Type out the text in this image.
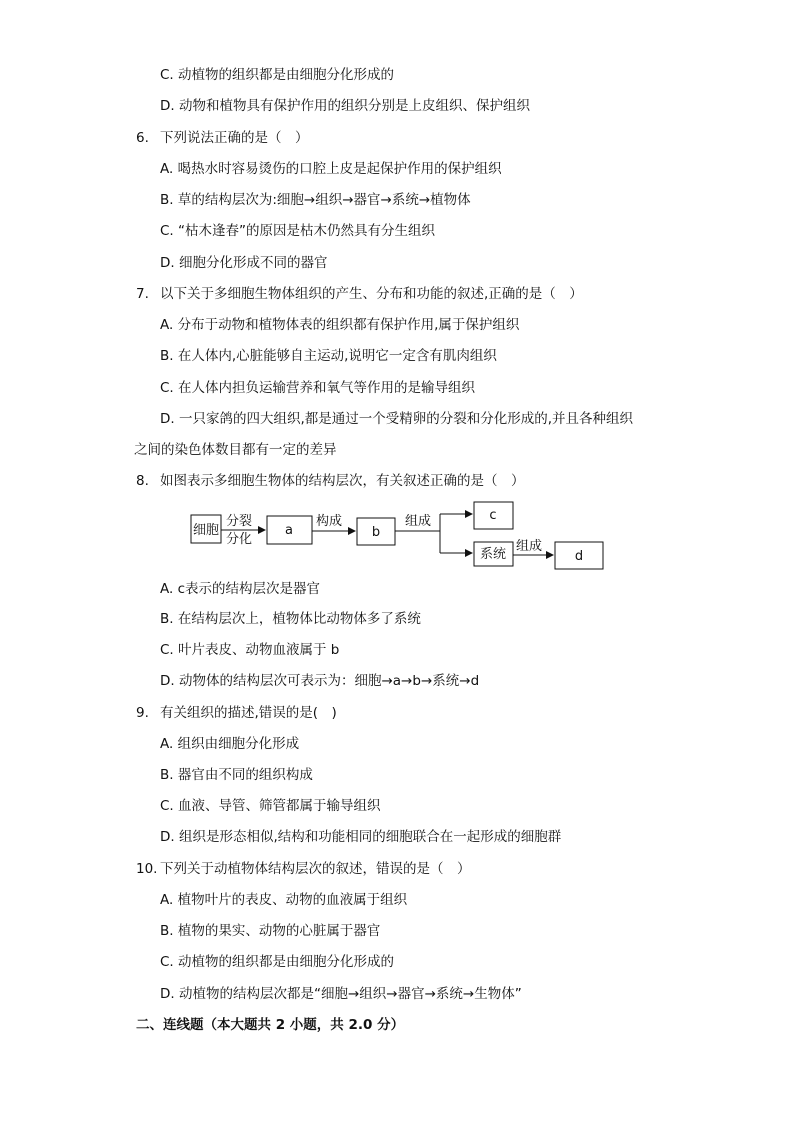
C. 动植物的组织都是由细胞分化形成的
D. 动物和植物具有保护作用的组织分别是上皮组织、保护组织
6. 下列说法正确的是（　）
A. 喝热水时容易烫伤的口腔上皮是起保护作用的保护组织
B. 草的结构层次为:细胞→组织→器官→系统→植物体
C. “枯木逢春”的原因是枯木仍然具有分生组织
D. 细胞分化形成不同的器官
7. 以下关于多细胞生物体组织的产生、分布和功能的叙述,正确的是（　）
A. 分布于动物和植物体表的组织都有保护作用,属于保护组织
B. 在人体内,心脏能够自主运动,说明它一定含有肌肉组织
C. 在人体内担负运输营养和氧气等作用的是输导组织
D. 一只家鸽的四大组织,都是通过一个受精卵的分裂和分化形成的,并且各种组织
之间的染色体数目都有一定的差异
8. 如图表示多细胞生物体的结构层次，有关叙述正确的是（　）
细胞
分裂
分化
a
构成
b
组成	c
系统
组成
d
A. c表示的结构层次是器官
B. 在结构层次上，植物体比动物体多了系统
C. 叶片表皮、动物血液属于 b
D. 动物体的结构层次可表示为：细胞→a→b→系统→d
9. 有关组织的描述,错误的是(　)
A. 组织由细胞分化形成
B. 器官由不同的组织构成
C. 血液、导管、筛管都属于输导组织
D. 组织是形态相似,结构和功能相同的细胞联合在一起形成的细胞群
10. 下列关于动植物体结构层次的叙述，错误的是（　）
A. 植物叶片的表皮、动物的血液属于组织
B. 植物的果实、动物的心脏属于器官
C. 动植物的组织都是由细胞分化形成的
D. 动植物的结构层次都是“细胞→组织→器官→系统→生物体”
二、连线题（本大题共 2 小题，共 2.0 分）
